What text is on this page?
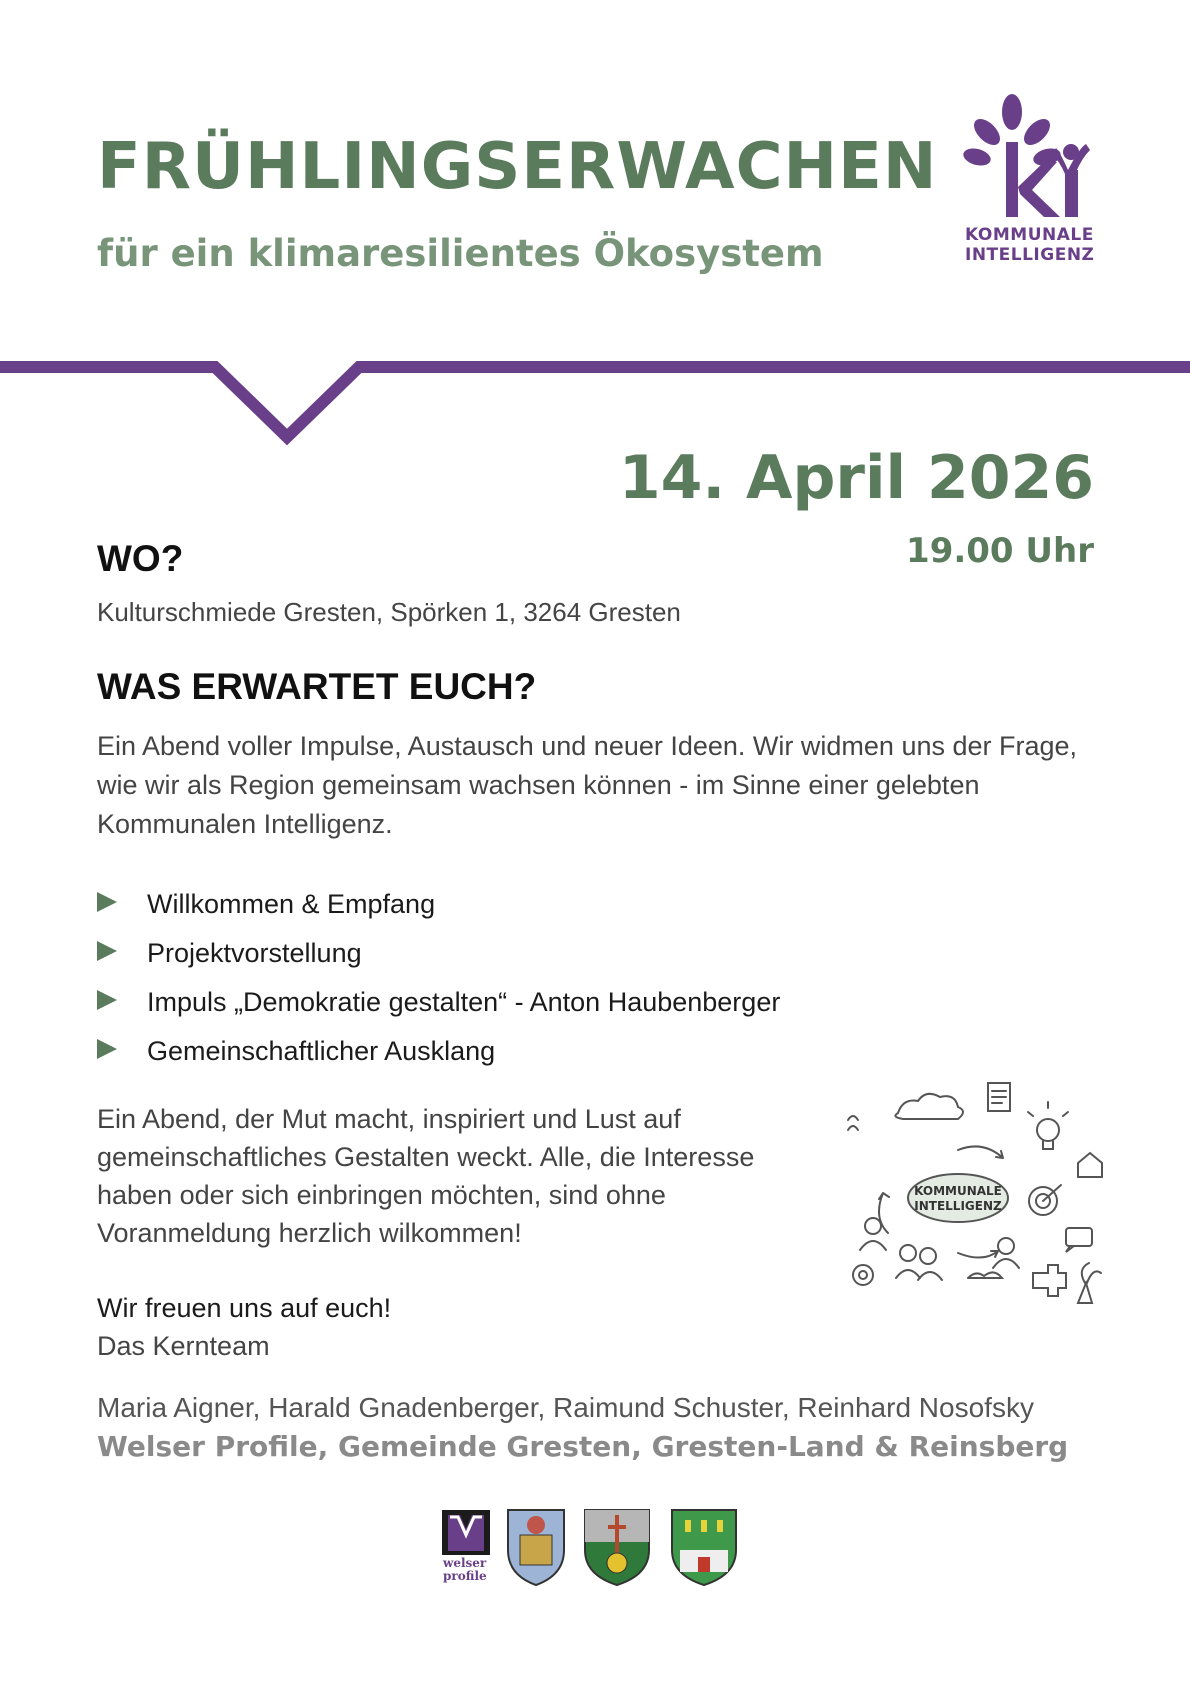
FRÜHLINGSERWACHEN
für ein klimaresilientes Ökosystem	KOMMUNALE
INTELLIGENZ
14. April 2026
19.00 Uhr
WO?
Kulturschmiede Gresten, Spörken 1, 3264 Gresten
WAS ERWARTET EUCH?

Ein Abend voller Impulse, Austausch und neuer Ideen. Wir widmen uns der Frage, wie wir als Region gemeinsam wachsen können - im Sinne einer gelebten Kommunalen Intelligenz.

Willkommen & Empfang
Projektvorstellung
Impuls „Demokratie gestalten“ - Anton Haubenberger
Gemeinschaftlicher Ausklang

Ein Abend, der Mut macht, inspiriert und Lust auf gemeinschaftliches Gestalten weckt. Alle, die Interesse haben oder sich einbringen möchten, sind ohne Voranmeldung herzlich wilkommen!

KOMMUNALE
INTELLIGENZ
Wir freuen uns auf euch!
Das Kernteam
Maria Aigner, Harald Gnadenberger, Raimund Schuster, Reinhard Nosofsky
Welser Profile, Gemeinde Gresten, Gresten-Land & Reinsberg
welser
profile
